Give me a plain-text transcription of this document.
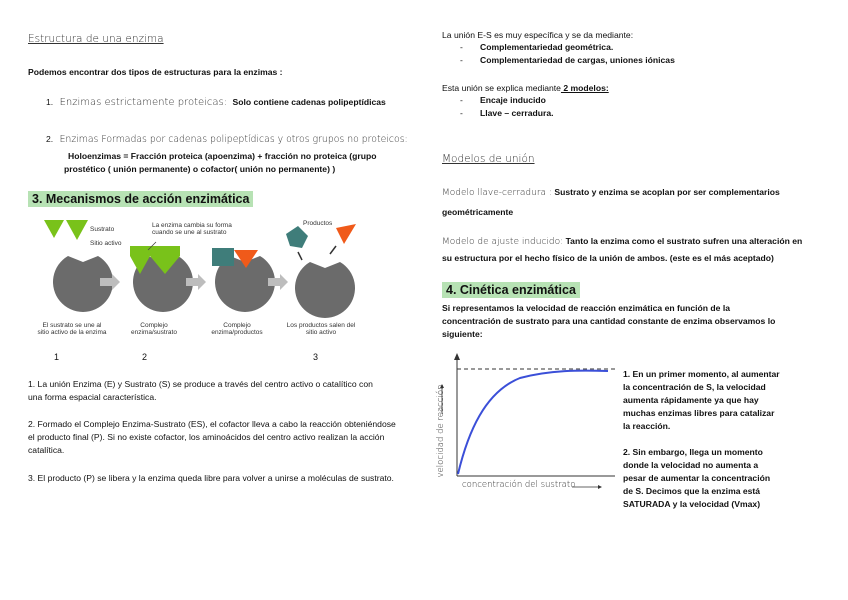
Estructura de una enzima
Podemos encontrar dos tipos de estructuras para la enzimas :
1. Enzimas estrictamente proteicas: Solo contiene cadenas polipeptídicas
2. Enzimas Formadas por cadenas polipeptídicas y otros grupos no proteicos:
Holoenzimas = Fracción proteica (apoenzima) + fracción no proteica (grupo
prostético ( unión permanente) o cofactor( unión no permanente) )
3. Mecanismos de acción enzimática
Sustrato
Sitio activo
La enzima cambia su forma cuando se une al sustrato
Productos
El sustrato se une al sitio activo de la enzima
Complejo enzima/sustrato
Complejo enzima/productos
Los productos salen del sitio activo
1	2	3
1. La unión Enzima (E) y Sustrato (S) se produce a través del centro activo o catalítico con una forma espacial característica.
2. Formado el Complejo Enzima-Sustrato (ES), el cofactor lleva a cabo la reacción obteniéndose el producto final (P). Si no existe cofactor, los aminoácidos del centro activo realizan la acción catalítica.
3. El producto (P) se libera y la enzima queda libre para volver a unirse a moléculas de sustrato.
La unión E-S es muy específica y se da mediante:
- Complementariedad geométrica.
- Complementariedad de cargas, uniones iónicas
Esta unión se explica mediante 2 modelos:
- Encaje inducido
- Llave – cerradura.
Modelos de unión
Modelo llave-cerradura : Sustrato y enzima se acoplan por ser complementarios
geométricamente
Modelo de ajuste inducido: Tanto la enzima como el sustrato sufren una alteración en
su estructura por el hecho físico de la unión de ambos. (este es el más aceptado)
4. Cinética enzimática
Si representamos la velocidad de reacción enzimática en función de la
concentración de sustrato para una cantidad constante de enzima observamos lo
siguiente:
concentración del sustrato
velocidad de reacción
1. En un primer momento, al aumentar
la concentración de S, la velocidad
aumenta rápidamente ya que hay
muchas enzimas libres para catalizar
la reacción.
2. Sin embargo, llega un momento
donde la velocidad no aumenta a
pesar de aumentar la concentración
de S. Decimos que la enzima está
SATURADA y la velocidad (Vmax)
